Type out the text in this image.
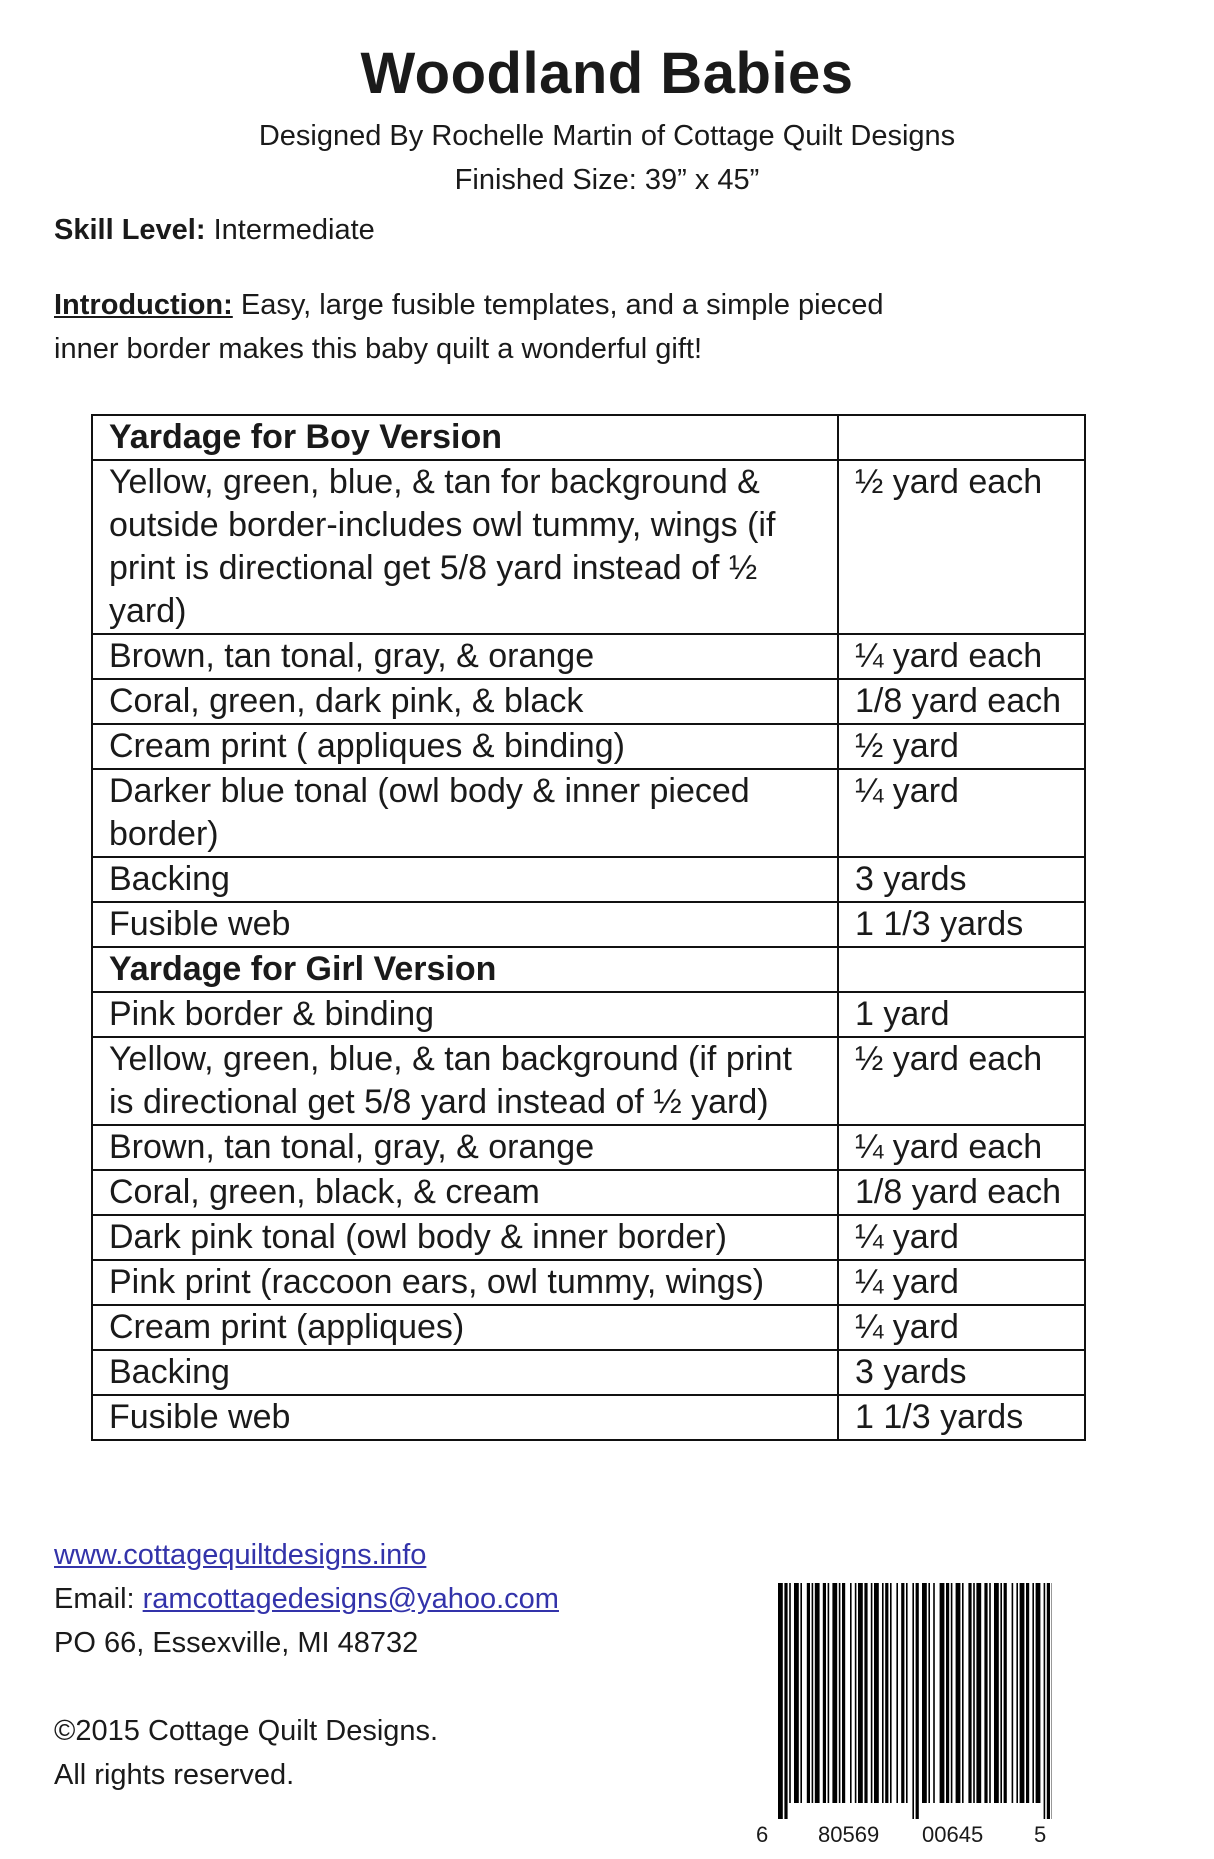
Woodland Babies
Designed By Rochelle Martin of Cottage Quilt Designs
Finished Size: 39” x 45”
Skill Level: Intermediate
Introduction: Easy, large fusible templates, and a simple pieced
inner border makes this baby quilt a wonderful gift!
Yardage for Boy Version	
Yellow, green, blue, & tan for background & outside border-includes owl tummy, wings (if print is directional get 5/8 yard instead of ½ yard)	½ yard each
Brown, tan tonal, gray, & orange	¼ yard each
Coral, green, dark pink, & black	1/8 yard each
Cream print ( appliques & binding)	½ yard
Darker blue tonal (owl body & inner pieced border)	¼ yard
Backing	3 yards
Fusible web	1 1/3 yards
Yardage for Girl Version	
Pink border & binding	1 yard
Yellow, green, blue, & tan background (if print is directional get 5/8 yard instead of ½ yard)	½ yard each
Brown, tan tonal, gray, & orange	¼ yard each
Coral, green, black, & cream	1/8 yard each
Dark pink tonal (owl body & inner border)	¼ yard
Pink print (raccoon ears, owl tummy, wings)	¼ yard
Cream print (appliques)	¼ yard
Backing	3 yards
Fusible web	1 1/3 yards
www.cottagequiltdesigns.info
Email: ramcottagedesigns@yahoo.com
PO 66, Essexville, MI 48732
©2015 Cottage Quilt Designs.
All rights reserved.
6 80569 00645 5
